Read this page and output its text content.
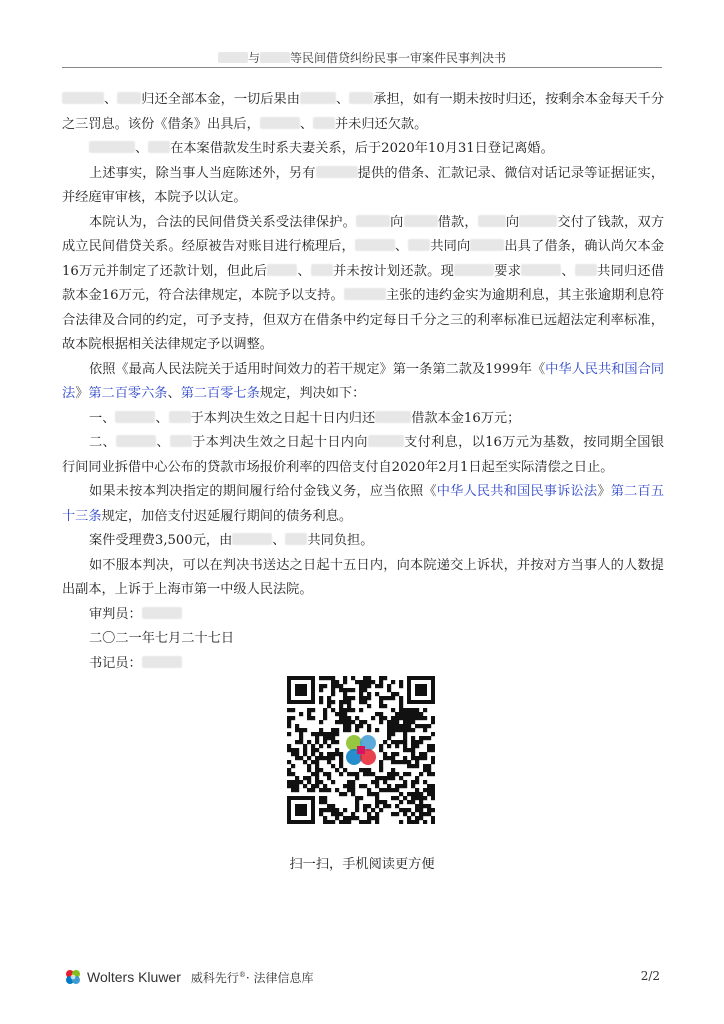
与	等民间借贷纠纷民事一审案件民事判决书

、 归还全部本金，一切后果由	、 承担，如有一期未按时归还，按剩余本金每天千分之三罚息。该份《借条》出具后，	、 并未归还欠款。

、 在本案借款发生时系夫妻关系，后于2020年10月31日登记离婚。

上述事实，除当事人当庭陈述外，另有	提供的借条、汇款记录、微信对话记录等证据证实，并经庭审审核，本院予以认定。

本院认为，合法的民间借贷关系受法律保护。	向	借款， 向	交付了钱款，双方成立民间借贷关系。经原被告对账目进行梳理后，	、 共同向	出具了借条，确认尚欠本金16万元并制定了还款计划，但此后 、 并未按计划还款。现	要求	、 共同归还借款本金16万元，符合法律规定，本院予以支持。	主张的违约金实为逾期利息，其主张逾期利息符合法律及合同的约定，可予支持，但双方在借条中约定每日千分之三的利率标准已远超法定利率标准，故本院根据相关法律规定予以调整。

依照《最高人民法院关于适用时间效力的若干规定》第一条第二款及1999年《中华人民共和国合同法》第二百零六条、第二百零七条规定，判决如下：

一、	、 于本判决生效之日起十日内归还	借款本金16万元；

二、	、 于本判决生效之日起十日内向	支付利息，以16万元为基数，按同期全国银行间同业拆借中心公布的贷款市场报价利率的四倍支付自2020年2月1日起至实际清偿之日止。

如果未按本判决指定的期间履行给付金钱义务，应当依照《中华人民共和国民事诉讼法》第二百五十三条规定，加倍支付迟延履行期间的债务利息。

案件受理费3,500元，由	、 共同负担。

如不服本判决，可以在判决书送达之日起十五日内，向本院递交上诉状，并按对方当事人的人数提出副本，上诉于上海市第一中级人民法院。

审判员：

二〇二一年七月二十七日

书记员：

扫一扫，手机阅读更方便
Wolters Kluwer 威科先行®· 法律信息库	2/2
